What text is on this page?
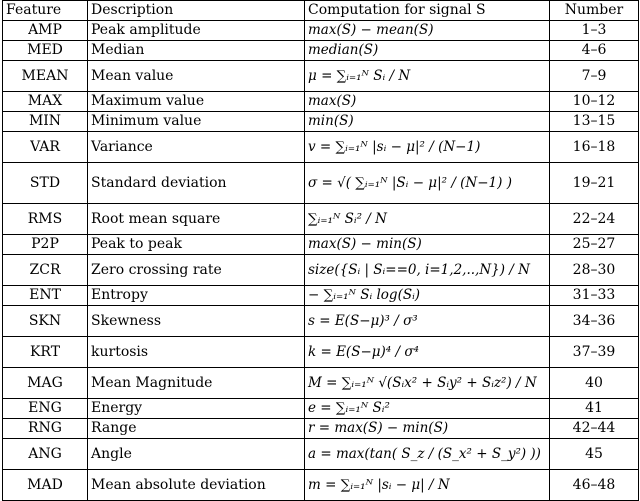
Feature	Description	Computation for signal S	Number
AMP	Peak amplitude	max(S) − mean(S)	1–3
MED	Median	median(S)	4–6
MEAN	Mean value	μ = ∑ᵢ₌₁ᴺ Sᵢ / N	7–9
MAX	Maximum value	max(S)	10–12
MIN	Minimum value	min(S)	13–15
VAR	Variance	v = ∑ᵢ₌₁ᴺ |sᵢ − μ|² / (N−1)	16–18
STD	Standard deviation	σ = √( ∑ᵢ₌₁ᴺ |Sᵢ − μ|² / (N−1) )	19–21
RMS	Root mean square	∑ᵢ₌₁ᴺ Sᵢ² / N	22–24
P2P	Peak to peak	max(S) − min(S)	25–27
ZCR	Zero crossing rate	size({Sᵢ | Sᵢ==0, i=1,2,..,N}) / N	28–30
ENT	Entropy	− ∑ᵢ₌₁ᴺ Sᵢ log(Sᵢ)	31–33
SKN	Skewness	s = E(S−μ)³ / σ³	34–36
KRT	kurtosis	k = E(S−μ)⁴ / σ⁴	37–39
MAG	Mean Magnitude	M = ∑ᵢ₌₁ᴺ √(Sᵢx² + Sᵢy² + Sᵢz²) / N	40
ENG	Energy	e = ∑ᵢ₌₁ᴺ Sᵢ²	41
RNG	Range	r = max(S) − min(S)	42–44
ANG	Angle	a = max(tan( S_z / (S_x² + S_y²) ))	45
MAD	Mean absolute deviation	m = ∑ᵢ₌₁ᴺ |sᵢ − μ| / N	46–48
